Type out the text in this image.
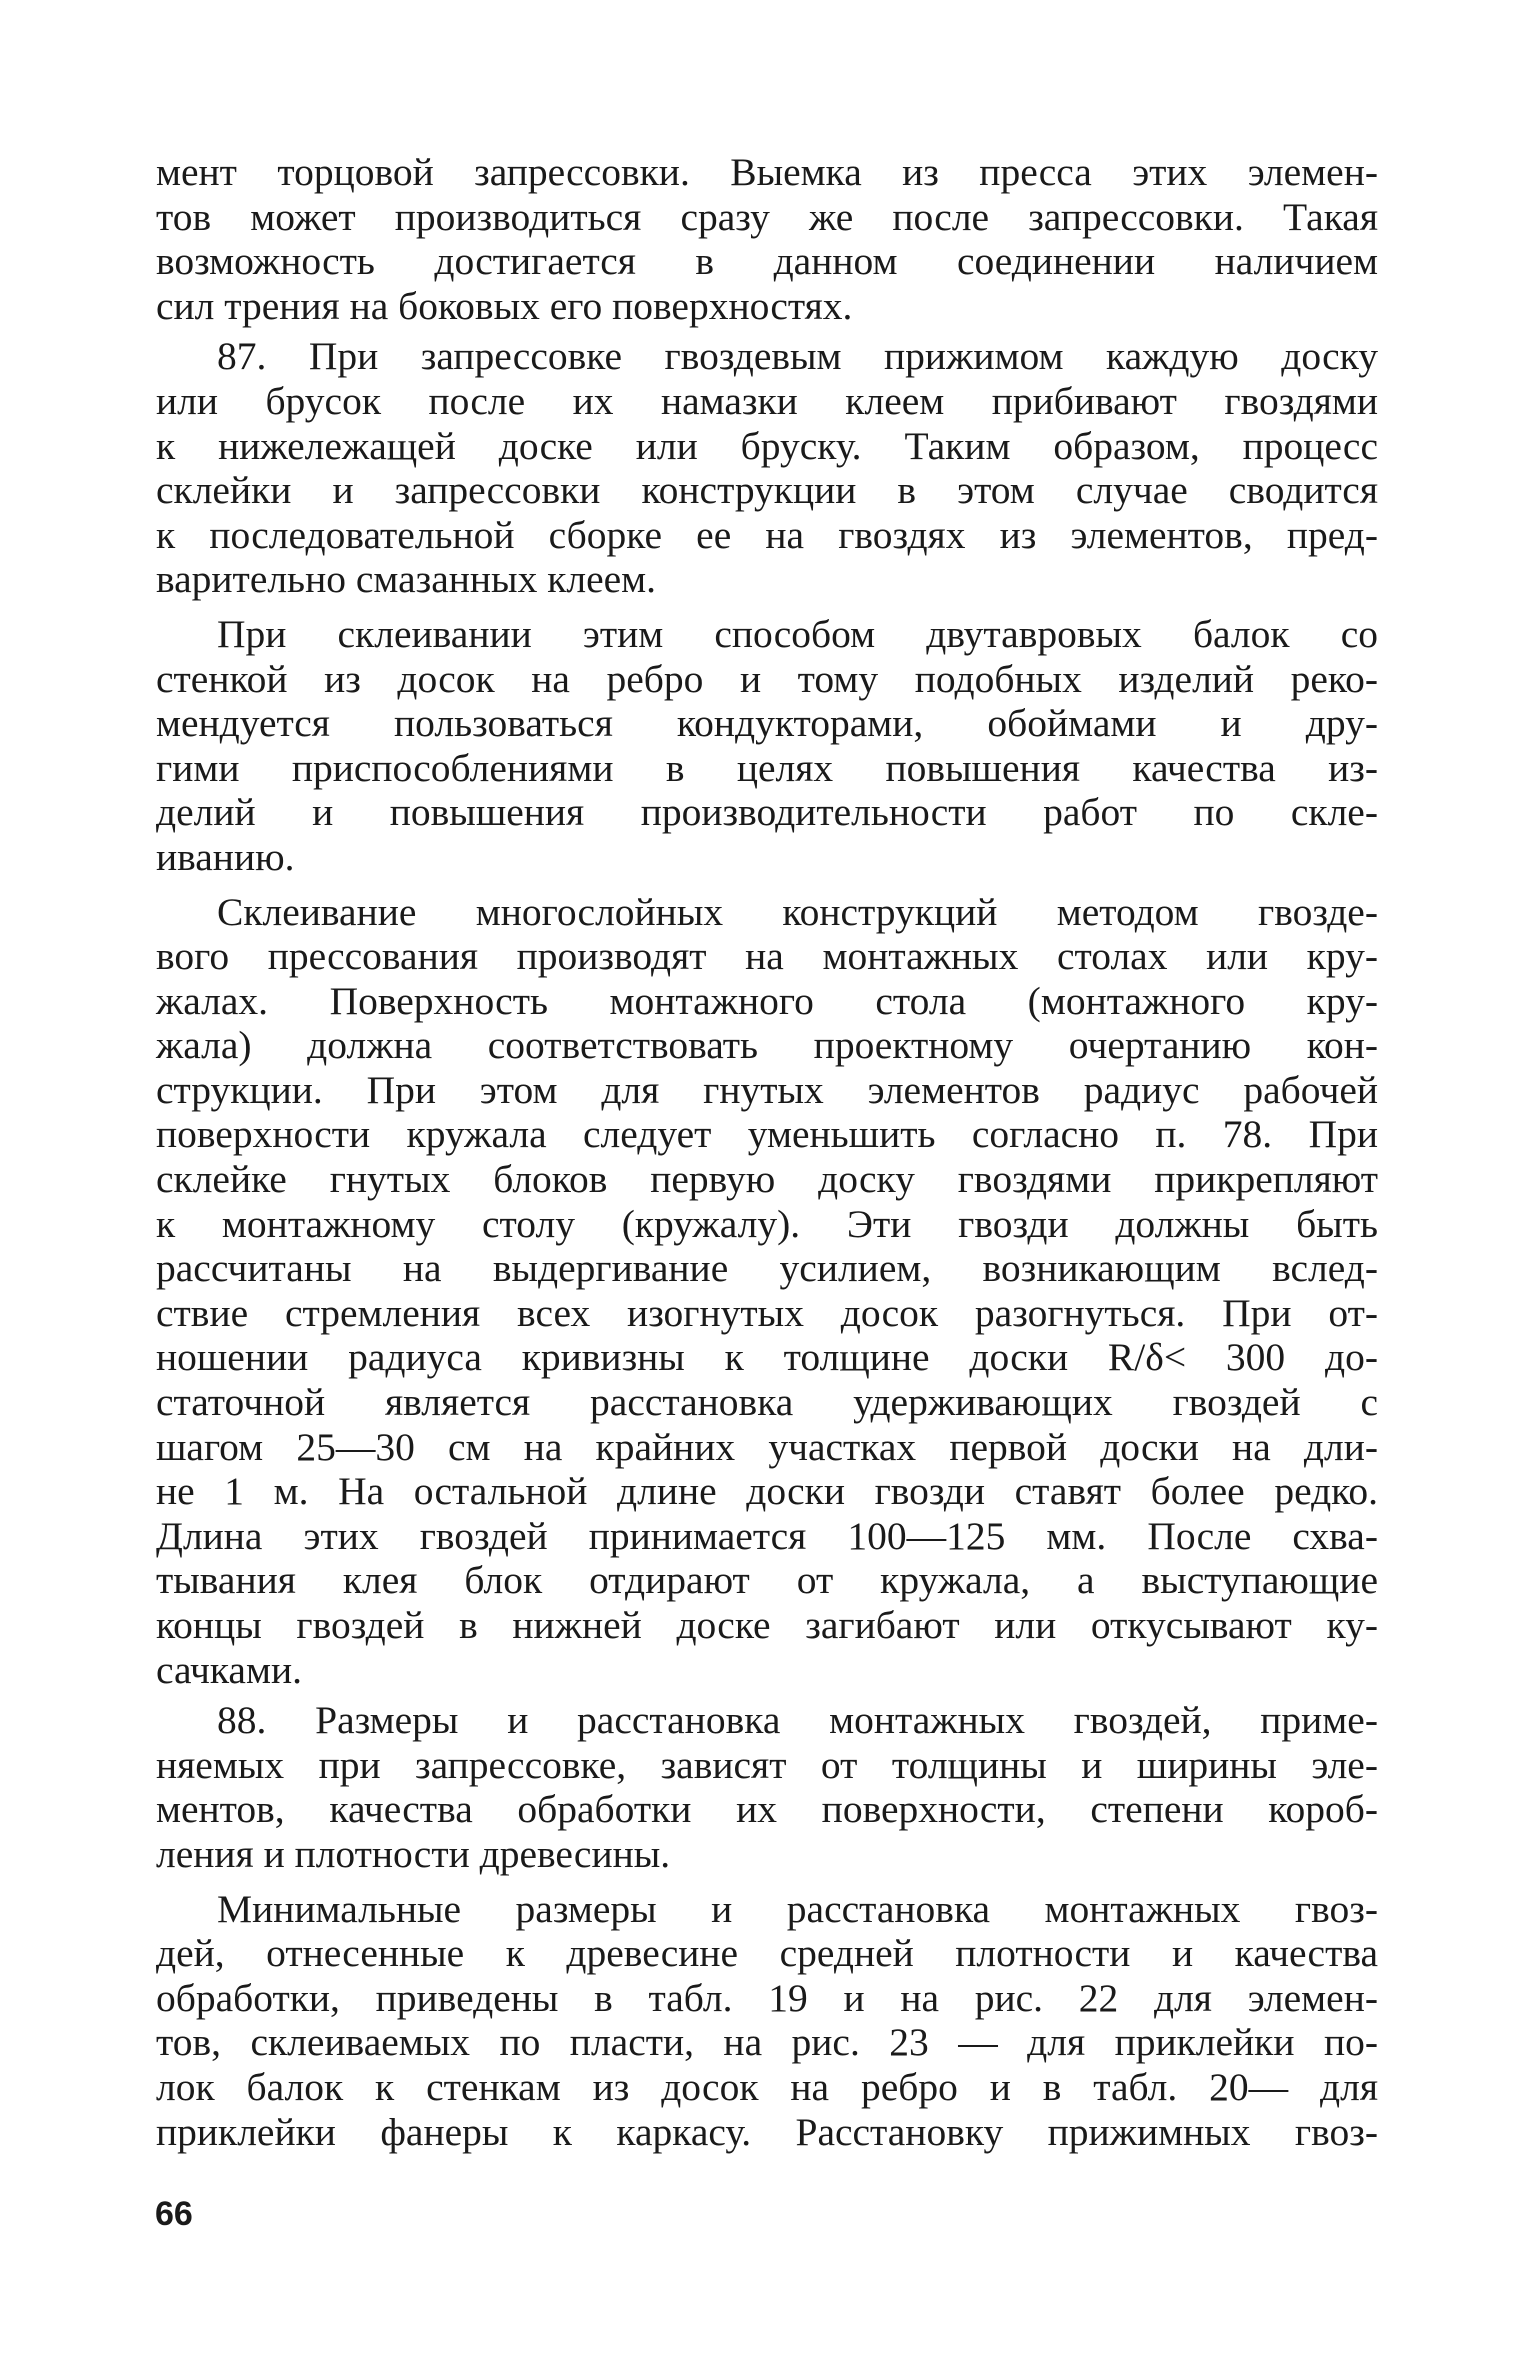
мент торцовой запрессовки. Выемка из пресса этих элемен-
тов может производиться сразу же после запрессовки. Такая
возможность достигается в данном соединении наличием
сил трения на боковых его поверхностях.

87. При запрессовке гвоздевым прижимом каждую доску
или брусок после их намазки клеем прибивают гвоздями
к нижележащей доске или бруску. Таким образом, процесс
склейки и запрессовки конструкции в этом случае сводится
к последовательной сборке ее на гвоздях из элементов, пред-
варительно смазанных клеем.

При склеивании этим способом двутавровых балок со
стенкой из досок на ребро и тому подобных изделий реко-
мендуется пользоваться кондукторами, обоймами и дру-
гими приспособлениями в целях повышения качества из-
делий и повышения производительности работ по скле-
иванию.

Склеивание многослойных конструкций методом гвозде-
вого прессования производят на монтажных столах или кру-
жалах. Поверхность монтажного стола (монтажного кру-
жала) должна соответствовать проектному очертанию кон-
струкции. При этом для гнутых элементов радиус рабочей
поверхности кружала следует уменьшить согласно п. 78. При
склейке гнутых блоков первую доску гвоздями прикрепляют
к монтажному столу (кружалу). Эти гвозди должны быть
рассчитаны на выдергивание усилием, возникающим вслед-
ствие стремления всех изогнутых досок разогнуться. При от-
ношении радиуса кривизны к толщине доски R/δ< 300 до-
статочной является расстановка удерживающих гвоздей с
шагом 25—30 см на крайних участках первой доски на дли-
не 1 м. На остальной длине доски гвозди ставят более редко.
Длина этих гвоздей принимается 100—125 мм. После схва-
тывания клея блок отдирают от кружала, а выступающие
концы гвоздей в нижней доске загибают или откусывают ку-
сачками.

88. Размеры и расстановка монтажных гвоздей, приме-
няемых при запрессовке, зависят от толщины и ширины эле-
ментов, качества обработки их поверхности, степени короб-
ления и плотности древесины.

Минимальные размеры и расстановка монтажных гвоз-
дей, отнесенные к древесине средней плотности и качества
обработки, приведены в табл. 19 и на рис. 22 для элемен-
тов, склеиваемых по пласти, на рис. 23 — для приклейки по-
лок балок к стенкам из досок на ребро и в табл. 20— для
приклейки фанеры к каркасу. Расстановку прижимных гвоз-

66
